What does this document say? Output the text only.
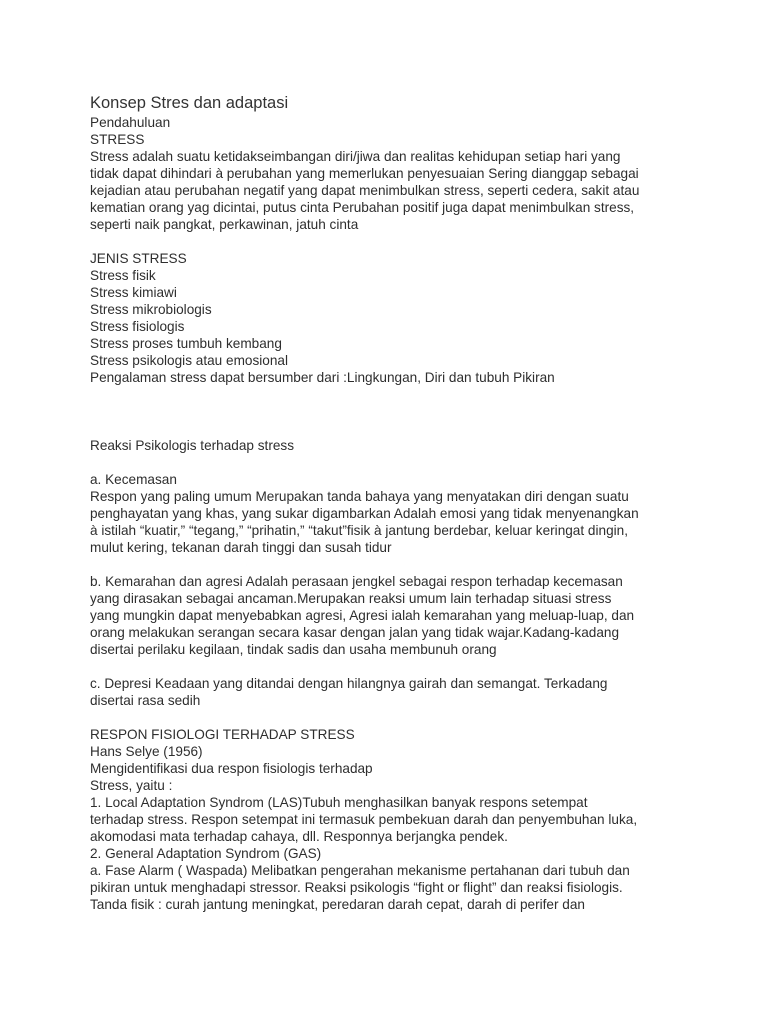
Konsep Stres dan adaptasi
Pendahuluan
STRESS
Stress adalah suatu ketidakseimbangan diri/jiwa dan realitas kehidupan setiap hari yang
tidak dapat dihindari à perubahan yang memerlukan penyesuaian Sering dianggap sebagai
kejadian atau perubahan negatif yang dapat menimbulkan stress, seperti cedera, sakit atau
kematian orang yag dicintai, putus cinta Perubahan positif juga dapat menimbulkan stress,
seperti naik pangkat, perkawinan, jatuh cinta
JENIS STRESS
Stress fisik
Stress kimiawi
Stress mikrobiologis
Stress fisiologis
Stress proses tumbuh kembang
Stress psikologis atau emosional
Pengalaman stress dapat bersumber dari :Lingkungan, Diri dan tubuh Pikiran
Reaksi Psikologis terhadap stress
a. Kecemasan
Respon yang paling umum Merupakan tanda bahaya yang menyatakan diri dengan suatu
penghayatan yang khas, yang sukar digambarkan Adalah emosi yang tidak menyenangkan
à istilah “kuatir,” “tegang,” “prihatin,” “takut”fisik à jantung berdebar, keluar keringat dingin,
mulut kering, tekanan darah tinggi dan susah tidur
b. Kemarahan dan agresi Adalah perasaan jengkel sebagai respon terhadap kecemasan
yang dirasakan sebagai ancaman.Merupakan reaksi umum lain terhadap situasi stress
yang mungkin dapat menyebabkan agresi, Agresi ialah kemarahan yang meluap-luap, dan
orang melakukan serangan secara kasar dengan jalan yang tidak wajar.Kadang-kadang
disertai perilaku kegilaan, tindak sadis dan usaha membunuh orang
c. Depresi Keadaan yang ditandai dengan hilangnya gairah dan semangat. Terkadang
disertai rasa sedih
RESPON FISIOLOGI TERHADAP STRESS
Hans Selye (1956)
Mengidentifikasi dua respon fisiologis terhadap
Stress, yaitu :
1. Local Adaptation Syndrom (LAS)Tubuh menghasilkan banyak respons setempat
terhadap stress. Respon setempat ini termasuk pembekuan darah dan penyembuhan luka,
akomodasi mata terhadap cahaya, dll. Responnya berjangka pendek.
2. General Adaptation Syndrom (GAS)
a. Fase Alarm ( Waspada) Melibatkan pengerahan mekanisme pertahanan dari tubuh dan
pikiran untuk menghadapi stressor. Reaksi psikologis “fight or flight” dan reaksi fisiologis.
Tanda fisik : curah jantung meningkat, peredaran darah cepat, darah di perifer dan
